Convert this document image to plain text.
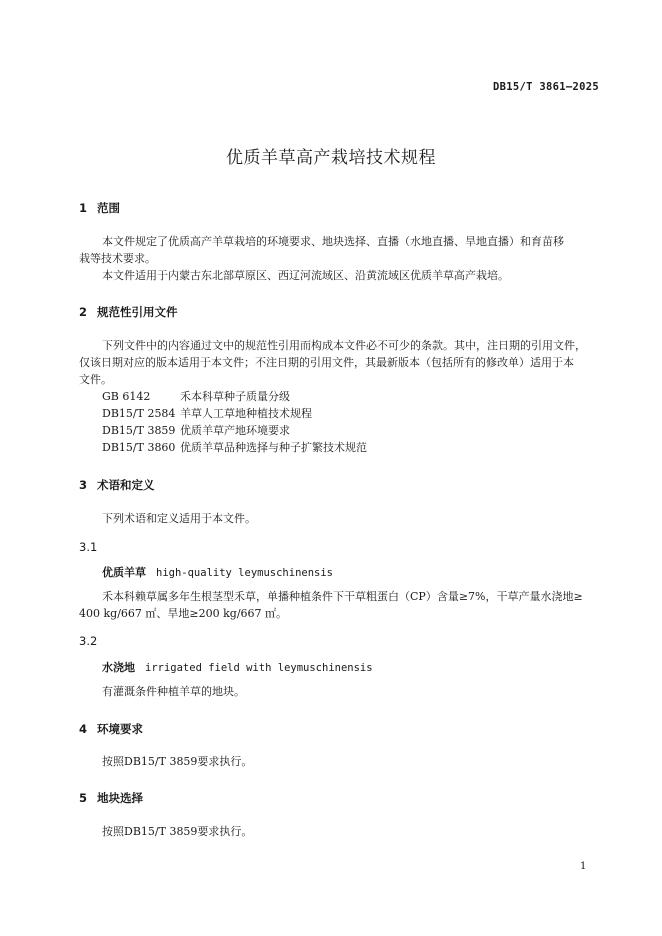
DB15/T 3861—2025
优质羊草高产栽培技术规程
1 范围
本文件规定了优质高产羊草栽培的环境要求、地块选择、直播（水地直播、旱地直播）和育苗移
栽等技术要求。
本文件适用于内蒙古东北部草原区、西辽河流域区、沿黄流域区优质羊草高产栽培。
2 规范性引用文件
下列文件中的内容通过文中的规范性引用而构成本文件必不可少的条款。其中，注日期的引用文件，
仅该日期对应的版本适用于本文件；不注日期的引用文件，其最新版本（包括所有的修改单）适用于本
文件。
GB 6142	禾本科草种子质量分级
DB15/T 2584 羊草人工草地种植技术规程
DB15/T 3859 优质羊草产地环境要求
DB15/T 3860 优质羊草品种选择与种子扩繁技术规范
3 术语和定义
下列术语和定义适用于本文件。
3.1
优质羊草 high-quality leymuschinensis
禾本科赖草属多年生根茎型禾草，单播种植条件下干草粗蛋白（CP）含量≥7%，干草产量水浇地≥
400 kg/667 ㎡、旱地≥200 kg/667 ㎡。
3.2
水浇地 irrigated field with leymuschinensis
有灌溉条件种植羊草的地块。
4 环境要求
按照DB15/T 3859要求执行。
5 地块选择
按照DB15/T 3859要求执行。
1
